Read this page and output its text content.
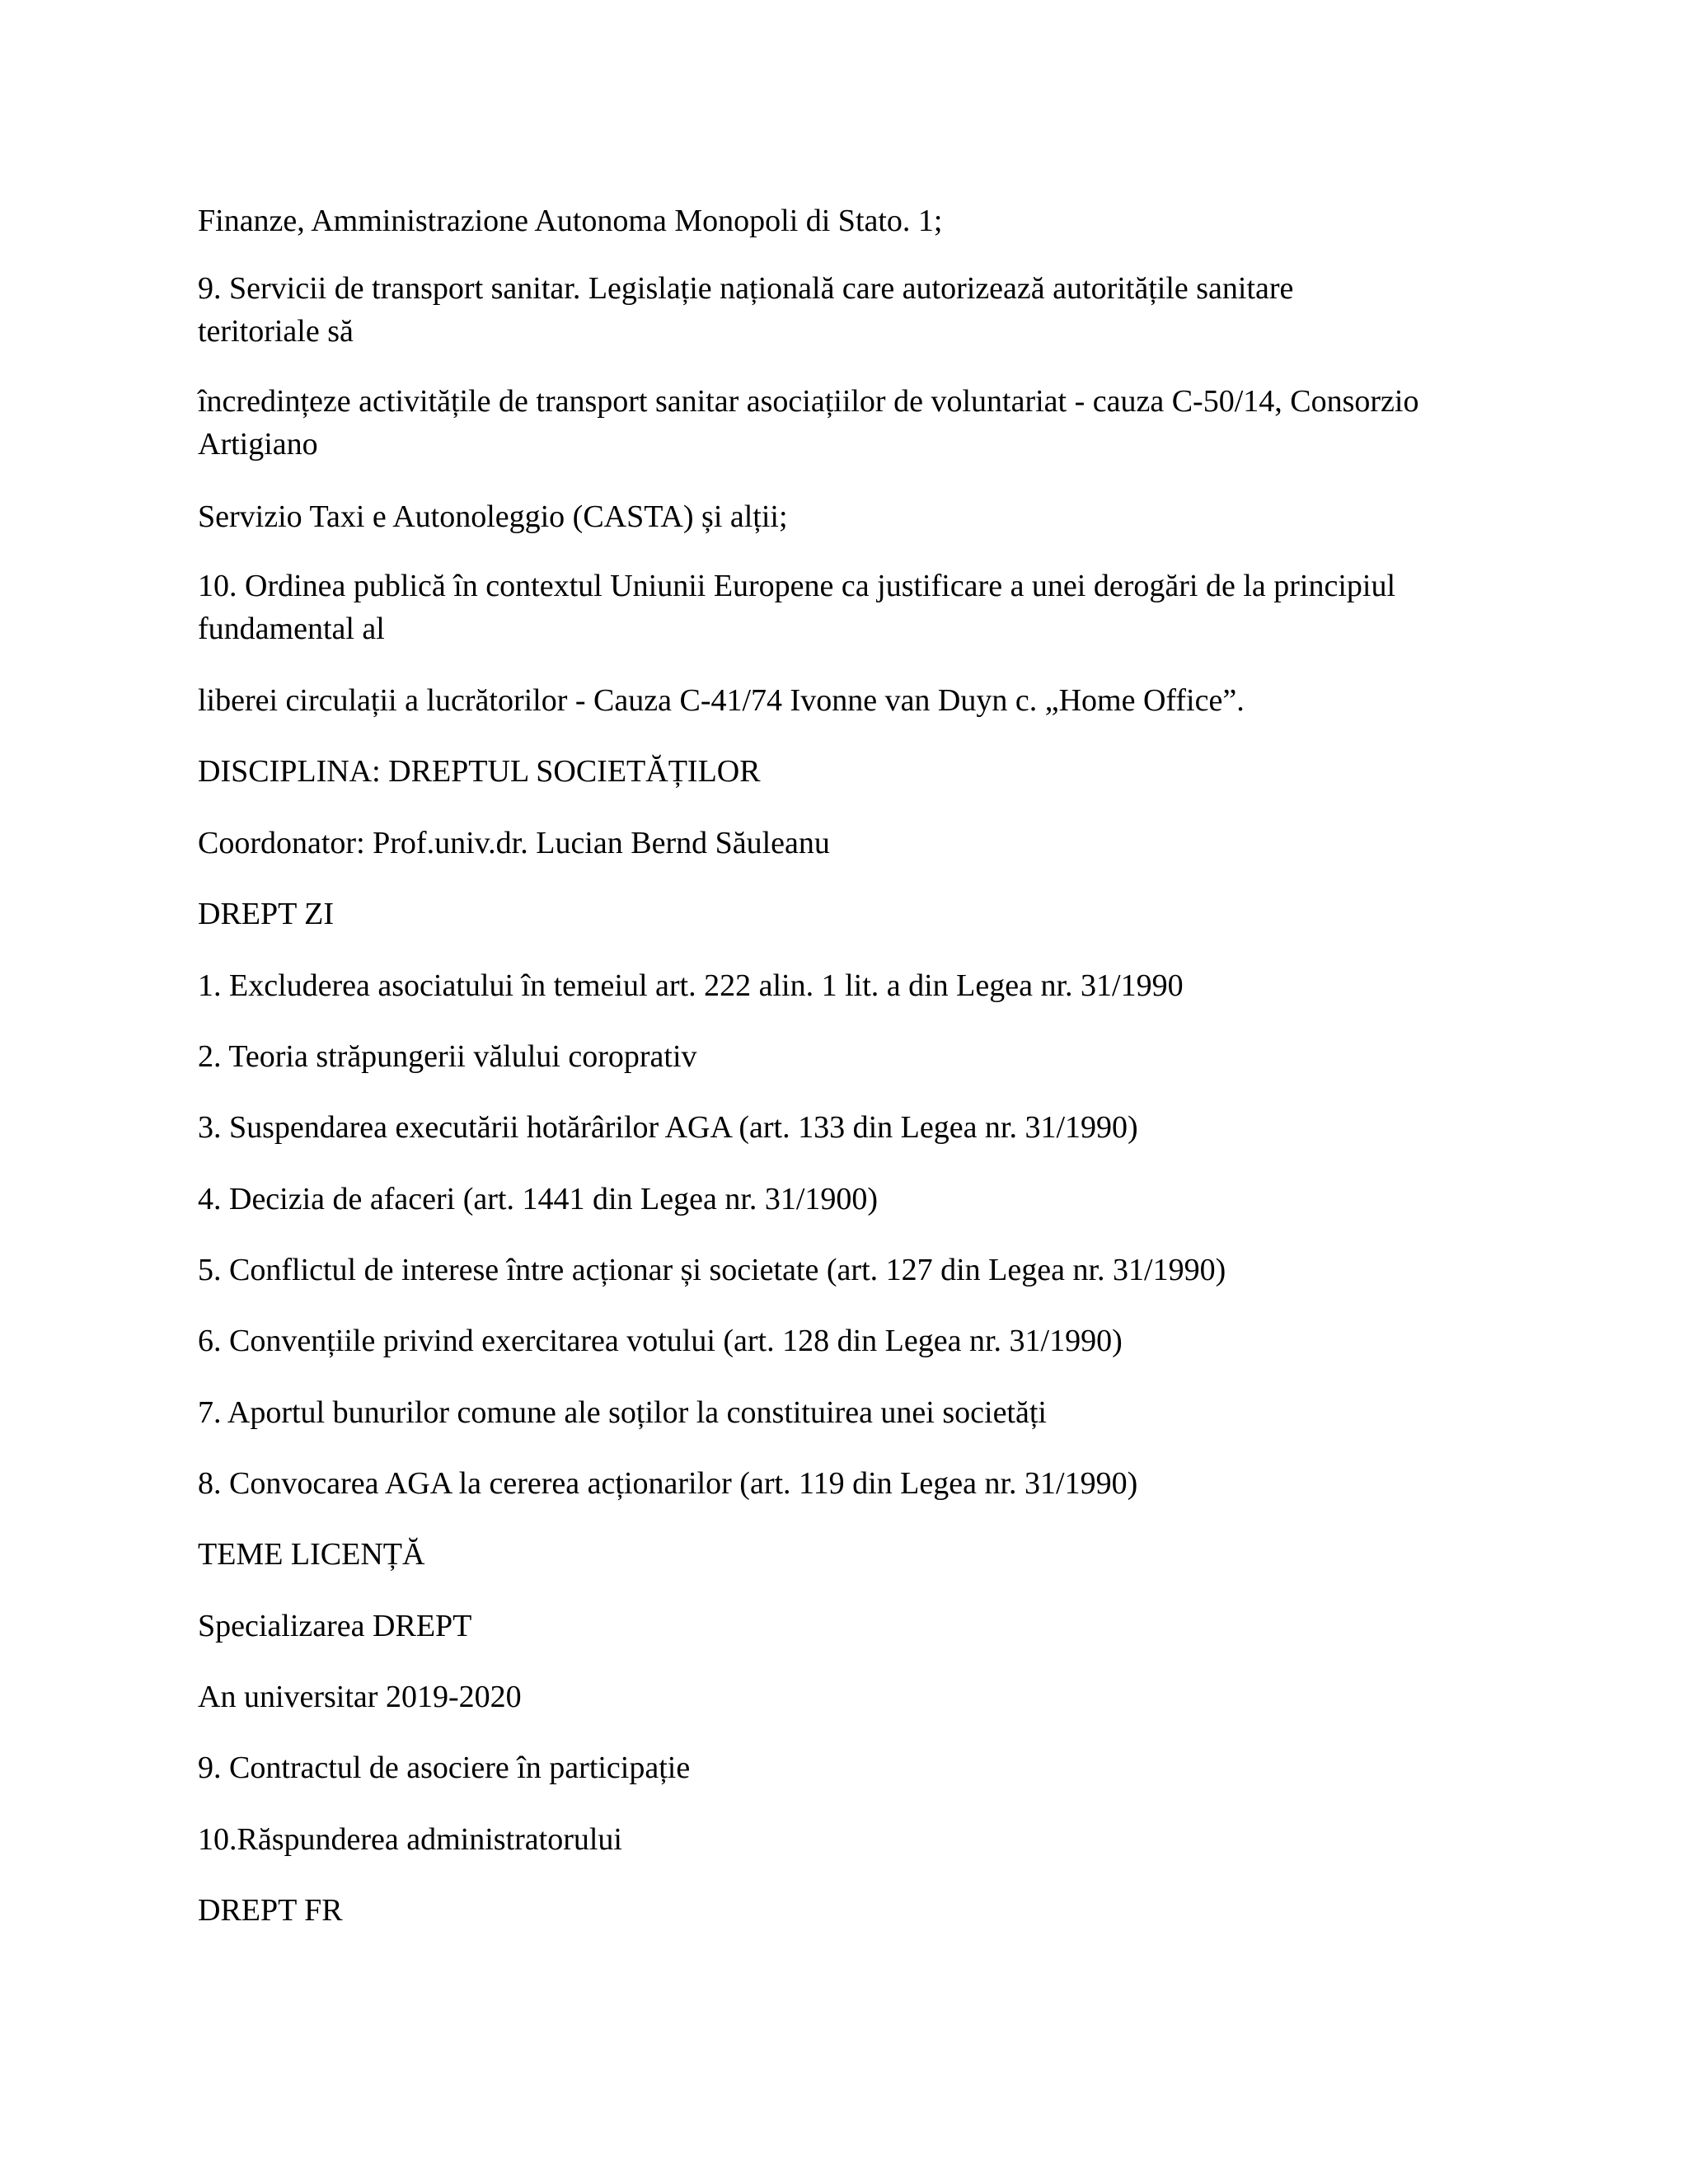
Finanze, Amministrazione Autonoma Monopoli di Stato. 1;

9. Servicii de transport sanitar. Legislație națională care autorizează autoritățile sanitare

teritoriale să

încredințeze activitățile de transport sanitar asociațiilor de voluntariat - cauza C-50/14, Consorzio

Artigiano

Servizio Taxi e Autonoleggio (CASTA) și alții;

10. Ordinea publică în contextul Uniunii Europene ca justificare a unei derogări de la principiul

fundamental al

liberei circulații a lucrătorilor - Cauza C-41/74 Ivonne van Duyn c. „Home Office”.

DISCIPLINA: DREPTUL SOCIETĂȚILOR

Coordonator: Prof.univ.dr. Lucian Bernd Săuleanu

DREPT ZI

1. Excluderea asociatului în temeiul art. 222 alin. 1 lit. a din Legea nr. 31/1990

2. Teoria străpungerii vălului coroprativ

3. Suspendarea executării hotărârilor AGA (art. 133 din Legea nr. 31/1990)

4. Decizia de afaceri (art. 1441 din Legea nr. 31/1900)

5. Conflictul de interese între acționar și societate (art. 127 din Legea nr. 31/1990)

6. Convențiile privind exercitarea votului (art. 128 din Legea nr. 31/1990)

7. Aportul bunurilor comune ale soților la constituirea unei societăți

8. Convocarea AGA la cererea acționarilor (art. 119 din Legea nr. 31/1990)

TEME LICENȚĂ

Specializarea DREPT

An universitar 2019-2020

9. Contractul de asociere în participație

10.Răspunderea administratorului

DREPT FR
